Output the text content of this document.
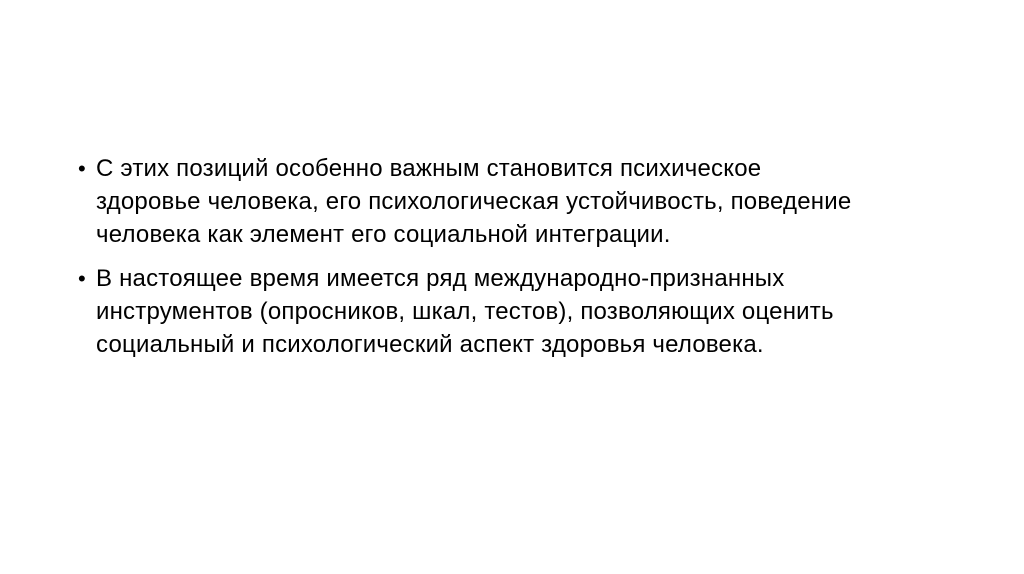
• С этих позиций особенно важным становится психическое
здоровье человека, его психологическая устойчивость, поведение
человека как элемент его социальной интеграции.
• В настоящее время имеется ряд международно-признанных
инструментов (опросников, шкал, тестов), позволяющих оценить
социальный и психологический аспект здоровья человека.
